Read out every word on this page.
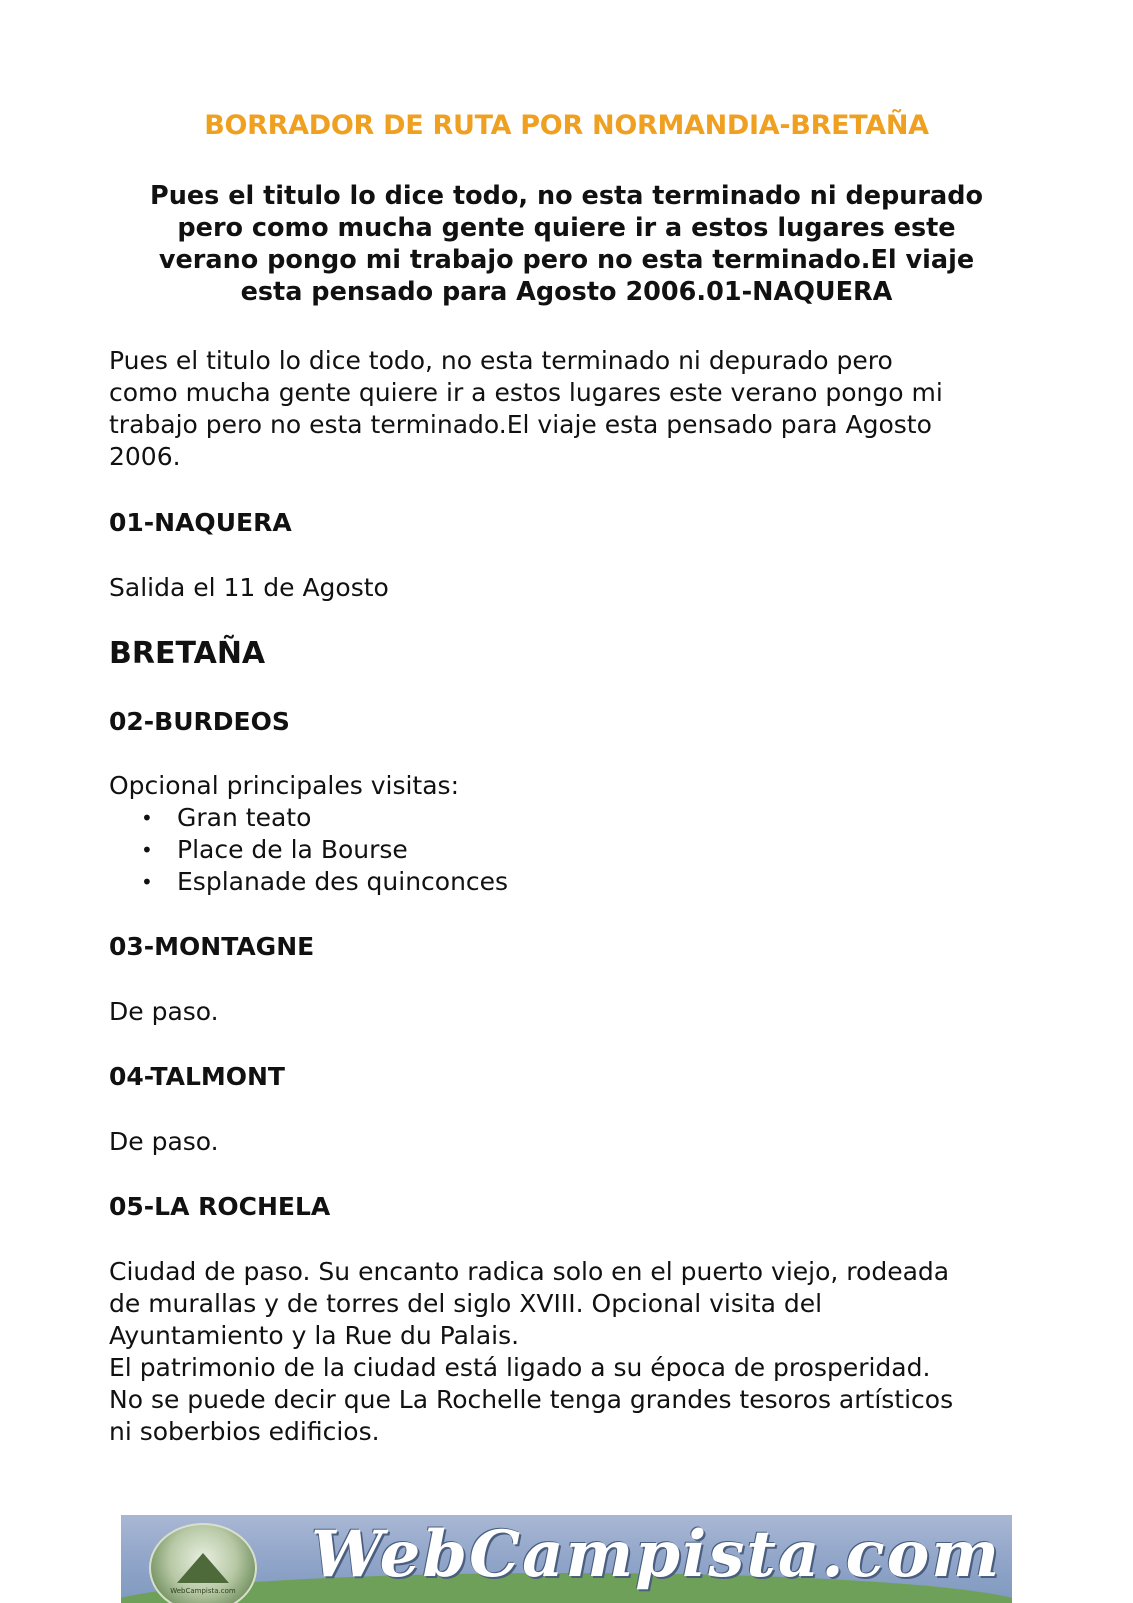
BORRADOR DE RUTA POR NORMANDIA-BRETAÑA
Pues el titulo lo dice todo, no esta terminado ni depurado
pero como mucha gente quiere ir a estos lugares este
verano pongo mi trabajo pero no esta terminado.El viaje
esta pensado para Agosto 2006.01-NAQUERA
Pues el titulo lo dice todo, no esta terminado ni depurado pero
como mucha gente quiere ir a estos lugares este verano pongo mi
trabajo pero no esta terminado.El viaje esta pensado para Agosto
2006.
01-NAQUERA
Salida el 11 de Agosto
BRETAÑA
02-BURDEOS
Opcional principales visitas:
• Gran teato
• Place de la Bourse
• Esplanade des quinconces
03-MONTAGNE
De paso.
04-TALMONT
De paso.
05-LA ROCHELA
Ciudad de paso. Su encanto radica solo en el puerto viejo, rodeada
de murallas y de torres del siglo XVIII. Opcional visita del
Ayuntamiento y la Rue du Palais.
El patrimonio de la ciudad está ligado a su época de prosperidad.
No se puede decir que La Rochelle tenga grandes tesoros artísticos
ni soberbios edificios.
WebCampista.com	WebCampista.com
